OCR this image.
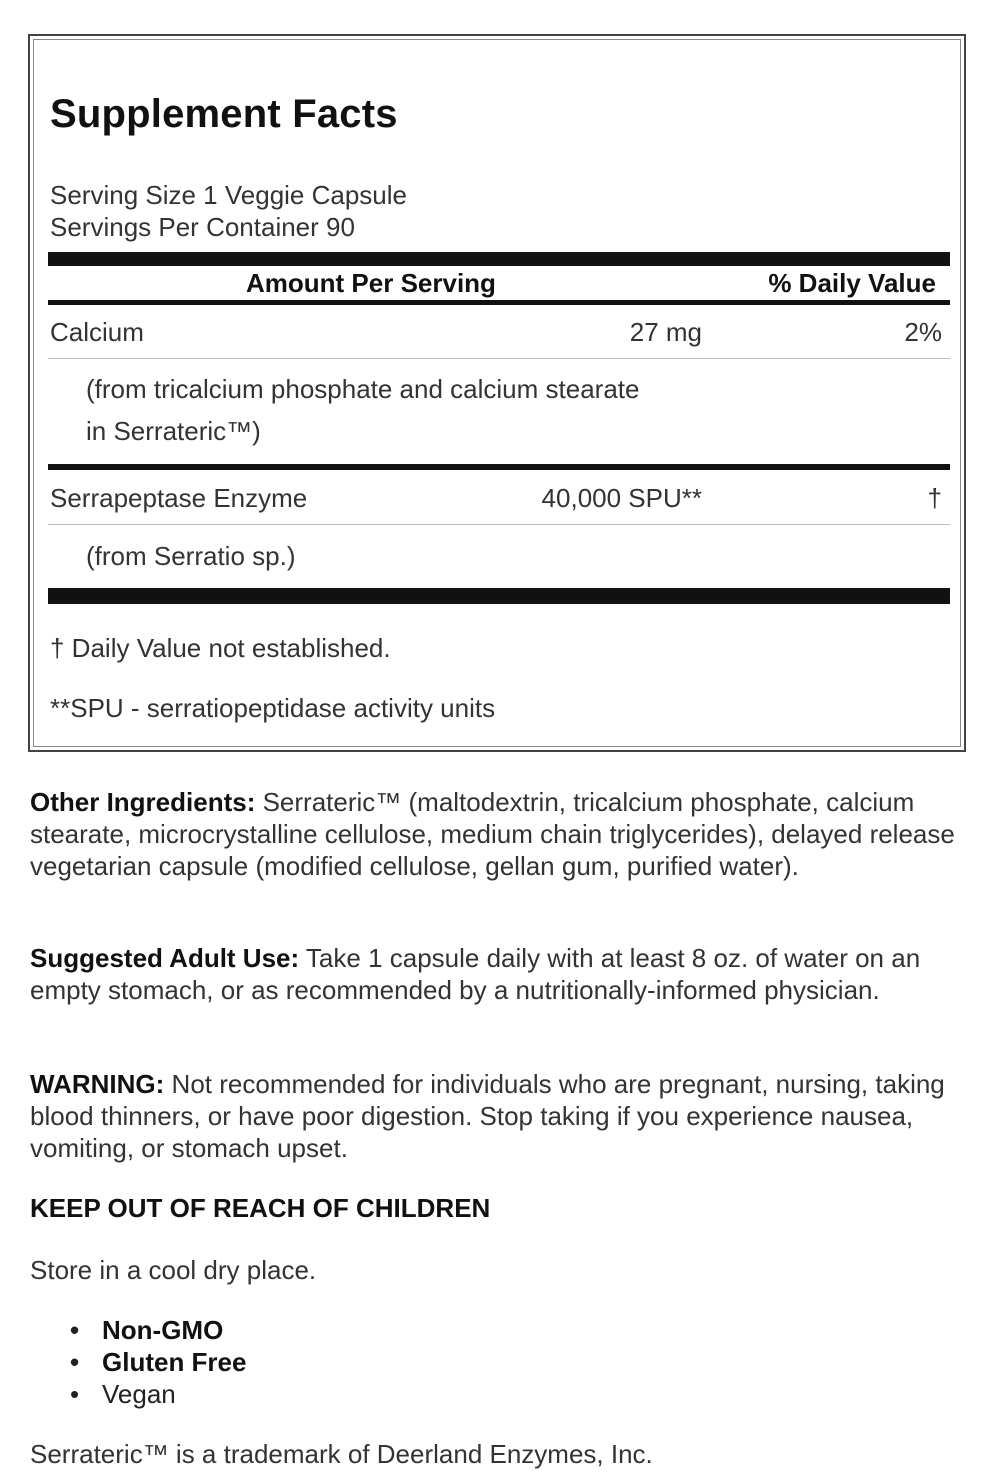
Supplement Facts
Serving Size 1 Veggie Capsule
Servings Per Container 90
Amount Per Serving	% Daily Value
Calcium	27 mg	2%
(from tricalcium phosphate and calcium stearate
in Serrateric™)
Serrapeptase Enzyme	40,000 SPU**	†
(from Serratio sp.)
† Daily Value not established.
**SPU - serratiopeptidase activity units
Other Ingredients: Serrateric™ (maltodextrin, tricalcium phosphate, calcium stearate, microcrystalline cellulose, medium chain triglycerides), delayed release vegetarian capsule (modified cellulose, gellan gum, purified water).
Suggested Adult Use: Take 1 capsule daily with at least 8 oz. of water on an empty stomach, or as recommended by a nutritionally-informed physician.
WARNING: Not recommended for individuals who are pregnant, nursing, taking blood thinners, or have poor digestion. Stop taking if you experience nausea, vomiting, or stomach upset.
KEEP OUT OF REACH OF CHILDREN
Store in a cool dry place.
• Non-GMO
• Gluten Free
• Vegan
Serrateric™ is a trademark of Deerland Enzymes, Inc.
